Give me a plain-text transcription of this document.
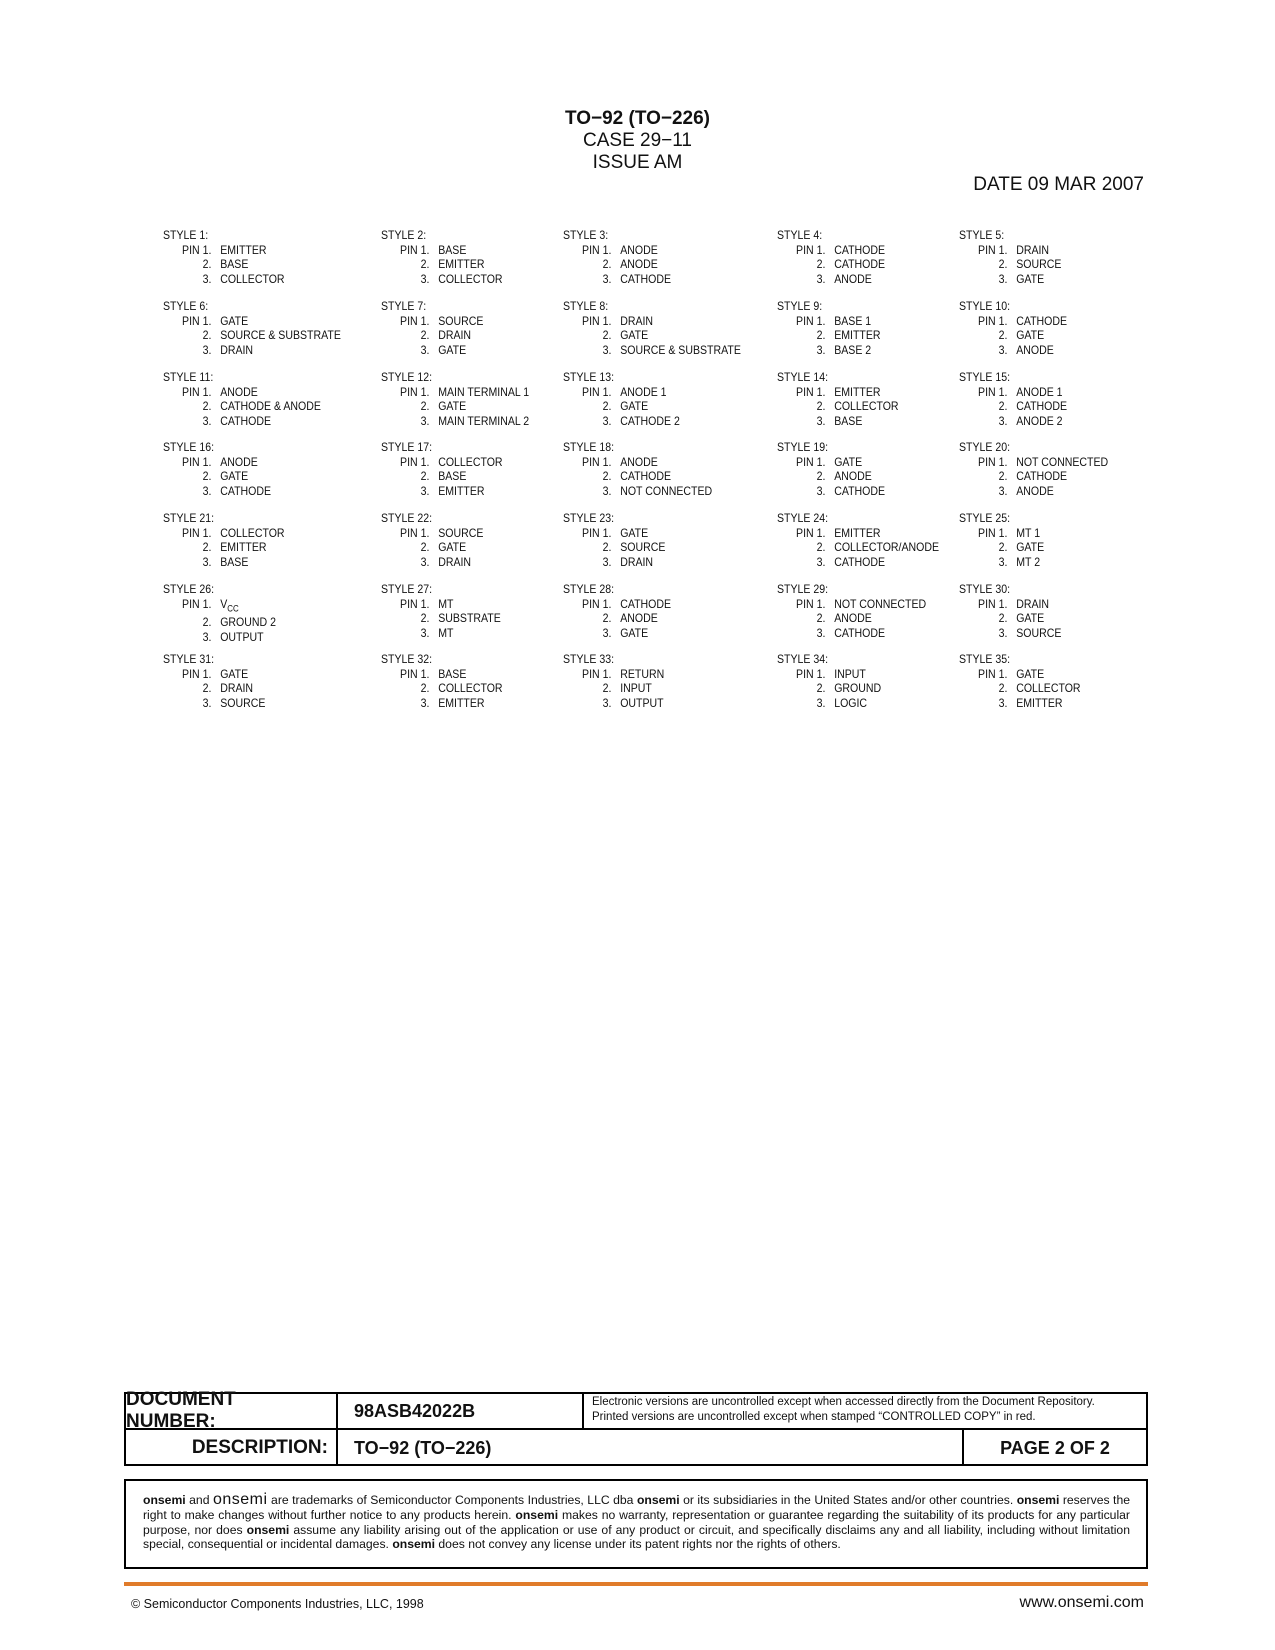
TO−92 (TO−226)
CASE 29−11
ISSUE AM
DATE 09 MAR 2007
STYLE 1:
PIN 1. EMITTER
2. BASE
3. COLLECTOR
STYLE 2:
PIN 1. BASE
2. EMITTER
3. COLLECTOR
STYLE 3:
PIN 1. ANODE
2. ANODE
3. CATHODE
STYLE 4:
PIN 1. CATHODE
2. CATHODE
3. ANODE
STYLE 5:
PIN 1. DRAIN
2. SOURCE
3. GATE
STYLE 6:
PIN 1. GATE
2. SOURCE & SUBSTRATE
3. DRAIN
STYLE 7:
PIN 1. SOURCE
2. DRAIN
3. GATE
STYLE 8:
PIN 1. DRAIN
2. GATE
3. SOURCE & SUBSTRATE
STYLE 9:
PIN 1. BASE 1
2. EMITTER
3. BASE 2
STYLE 10:
PIN 1. CATHODE
2. GATE
3. ANODE
STYLE 11:
PIN 1. ANODE
2. CATHODE & ANODE
3. CATHODE
STYLE 12:
PIN 1. MAIN TERMINAL 1
2. GATE
3. MAIN TERMINAL 2
STYLE 13:
PIN 1. ANODE 1
2. GATE
3. CATHODE 2
STYLE 14:
PIN 1. EMITTER
2. COLLECTOR
3. BASE
STYLE 15:
PIN 1. ANODE 1
2. CATHODE
3. ANODE 2
STYLE 16:
PIN 1. ANODE
2. GATE
3. CATHODE
STYLE 17:
PIN 1. COLLECTOR
2. BASE
3. EMITTER
STYLE 18:
PIN 1. ANODE
2. CATHODE
3. NOT CONNECTED
STYLE 19:
PIN 1. GATE
2. ANODE
3. CATHODE
STYLE 20:
PIN 1. NOT CONNECTED
2. CATHODE
3. ANODE
STYLE 21:
PIN 1. COLLECTOR
2. EMITTER
3. BASE
STYLE 22:
PIN 1. SOURCE
2. GATE
3. DRAIN
STYLE 23:
PIN 1. GATE
2. SOURCE
3. DRAIN
STYLE 24:
PIN 1. EMITTER
2. COLLECTOR/ANODE
3. CATHODE
STYLE 25:
PIN 1. MT 1
2. GATE
3. MT 2
STYLE 26:
PIN 1. $V_{CC}$
2. GROUND 2
3. OUTPUT
STYLE 27:
PIN 1. MT
2. SUBSTRATE
3. MT
STYLE 28:
PIN 1. CATHODE
2. ANODE
3. GATE
STYLE 29:
PIN 1. NOT CONNECTED
2. ANODE
3. CATHODE
STYLE 30:
PIN 1. DRAIN
2. GATE
3. SOURCE
STYLE 31:
PIN 1. GATE
2. DRAIN
3. SOURCE
STYLE 32:
PIN 1. BASE
2. COLLECTOR
3. EMITTER
STYLE 33:
PIN 1. RETURN
2. INPUT
3. OUTPUT
STYLE 34:
PIN 1. INPUT
2. GROUND
3. LOGIC
STYLE 35:
PIN 1. GATE
2. COLLECTOR
3. EMITTER
DOCUMENT NUMBER:
98ASB42022B	Electronic versions are uncontrolled except when accessed directly from the Document Repository.
Printed versions are uncontrolled except when stamped “CONTROLLED COPY” in red.
DESCRIPTION:	TO−92 (TO−226)	PAGE 2 OF 2
onsemi and onsemi are trademarks of Semiconductor Components Industries, LLC dba onsemi or its subsidiaries in the United States and/or other countries. onsemi reserves the right to make changes without further notice to any products herein. onsemi makes no warranty, representation or guarantee regarding the suitability of its products for any particular purpose, nor does onsemi assume any liability arising out of the application or use of any product or circuit, and specifically disclaims any and all liability, including without limitation special, consequential or incidental damages. onsemi does not convey any license under its patent rights nor the rights of others.
© Semiconductor Components Industries, LLC, 1998	www.onsemi.com
